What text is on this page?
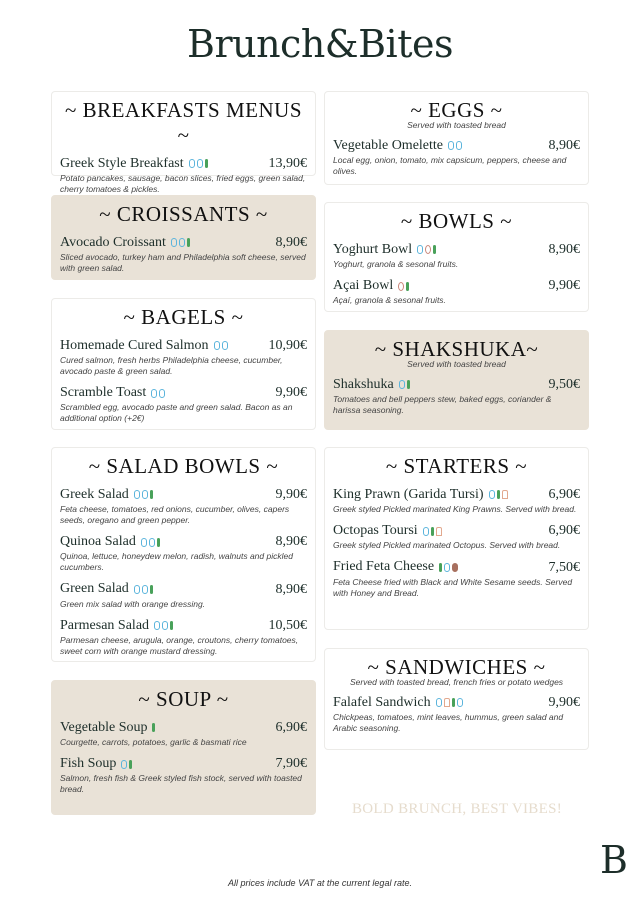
Brunch&Bites
~ BREAKFASTS MENUS ~
Greek Style Breakfast	13,90€
Potato pancakes, sausage, bacon slices, fried eggs, green salad, cherry tomatoes & pickles.
~ CROISSANTS ~
Avocado Croissant	8,90€
Sliced avocado, turkey ham and Philadelphia soft cheese, served with green salad.
~ BAGELS ~
Homemade Cured Salmon	10,90€
Cured salmon, fresh herbs Philadelphia cheese, cucumber, avocado paste & green salad.
Scramble Toast	9,90€
Scrambled egg, avocado paste and green salad. Bacon as an additional option (+2€)
~ SALAD BOWLS ~
Greek Salad	9,90€
Feta cheese, tomatoes, red onions, cucumber, olives, capers seeds, oregano and green pepper.
Quinoa Salad	8,90€
Quinoa, lettuce, honeydew melon, radish, walnuts and pickled cucumbers.
Green Salad	8,90€
Green mix salad with orange dressing.
Parmesan Salad	10,50€
Parmesan cheese, arugula, orange, croutons, cherry tomatoes, sweet corn with orange mustard dressing.
~ SOUP ~
Vegetable Soup	6,90€
Courgette, carrots, potatoes, garlic & basmati rice
Fish Soup	7,90€
Salmon, fresh fish & Greek styled fish stock, served with toasted bread.
~ EGGS ~
Served with toasted bread
Vegetable Omelette	8,90€
Local egg, onion, tomato, mix capsicum, peppers, cheese and olives.
~ BOWLS ~
Yoghurt Bowl	8,90€
Yoghurt, granola & sesonal fruits.
Açai Bowl	9,90€
Açaí, granola & sesonal fruits.
~ SHAKSHUKA~
Served with toasted bread
Shakshuka	9,50€
Tomatoes and bell peppers stew, baked eggs, coriander & harissa seasoning.
~ STARTERS ~
King Prawn (Garida Tursi)	6,90€
Greek styled Pickled marinated King Prawns. Served with bread.
Octopas Toursi	6,90€
Greek styled Pickled marinated Octopus. Served with bread.
Fried Feta Cheese	7,50€
Feta Cheese fried with Black and White Sesame seeds. Served with Honey and Bread.
~ SANDWICHES ~
Served with toasted bread, french fries or potato wedges
Falafel Sandwich	9,90€
Chickpeas, tomatoes, mint leaves, hummus, green salad and Arabic seasoning.
BOLD BRUNCH, BEST VIBES!
B
All prices include VAT at the current legal rate.
